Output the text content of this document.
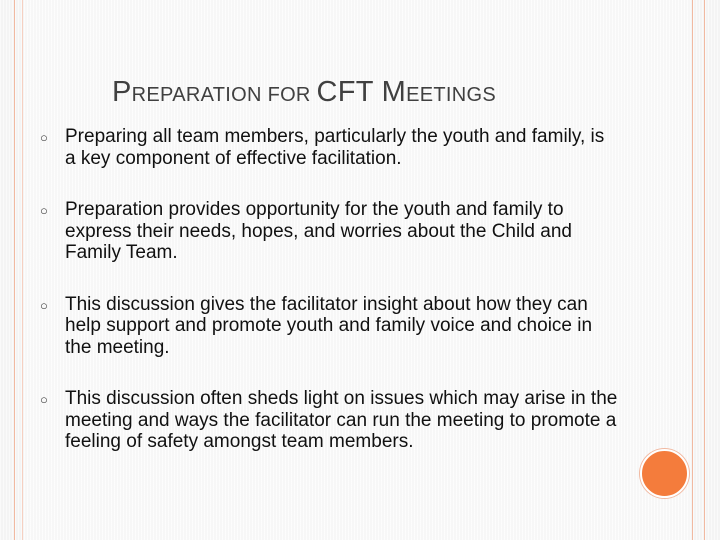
PREPARATION FOR CFT MEETINGS
○ Preparing all team members, particularly the youth and family, is a key component of effective facilitation.
○ Preparation provides opportunity for the youth and family to express their needs, hopes, and worries about the Child and Family Team.
○ This discussion gives the facilitator insight about how they can help support and promote youth and family voice and choice in the meeting.
○ This discussion often sheds light on issues which may arise in the meeting and ways the facilitator can run the meeting to promote a feeling of safety amongst team members.
